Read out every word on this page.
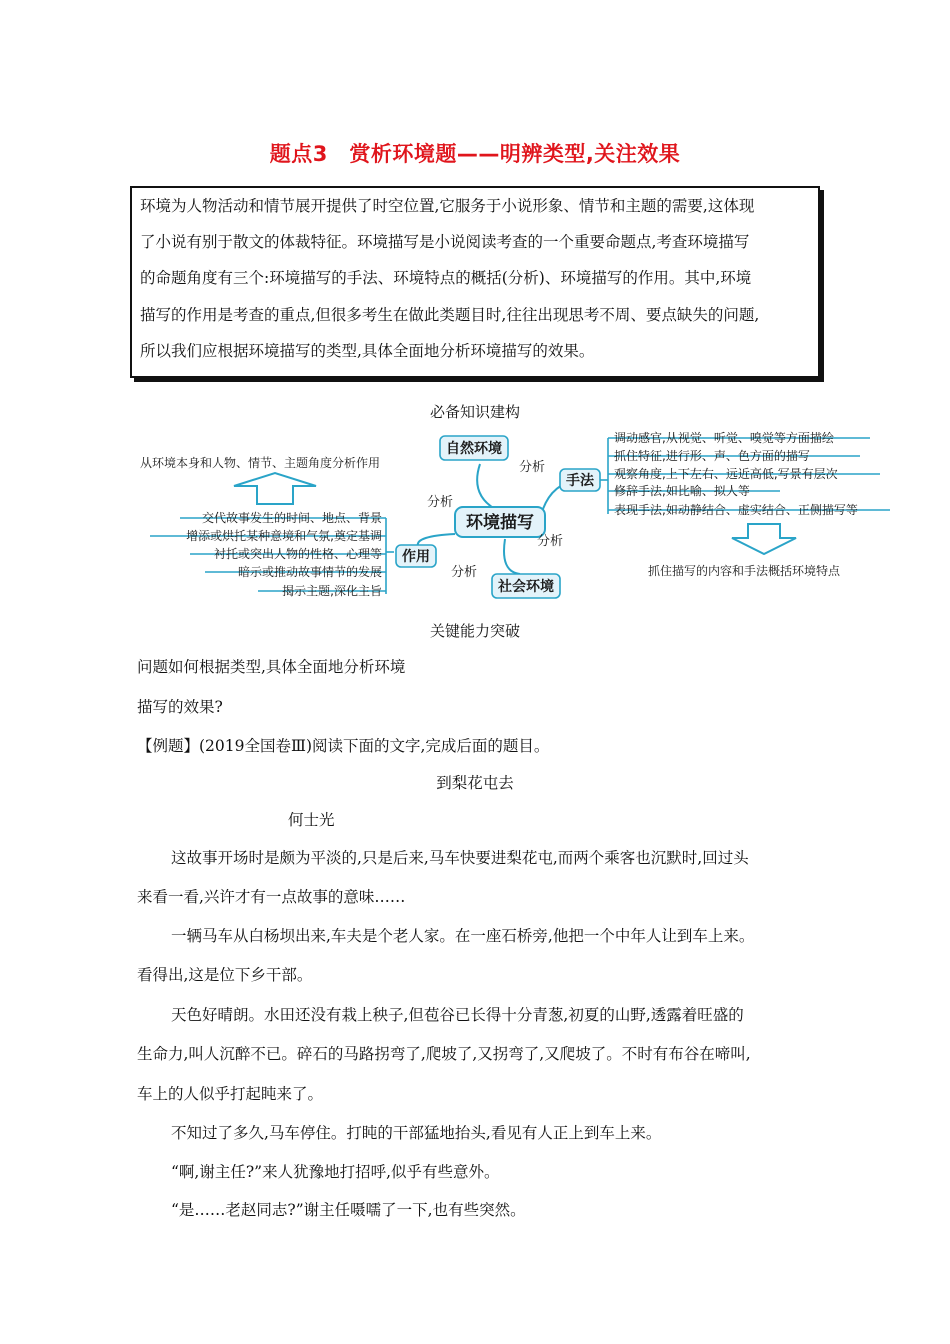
题点3　赏析环境题——明辨类型,关注效果
环境为人物活动和情节展开提供了时空位置,它服务于小说形象、情节和主题的需要,这体现
了小说有别于散文的体裁特征。环境描写是小说阅读考查的一个重要命题点,考查环境描写
的命题角度有三个:环境描写的手法、环境特点的概括(分析)、环境描写的作用。其中,环境
描写的作用是考查的重点,但很多考生在做此类题目时,往往出现思考不周、要点缺失的问题,
所以我们应根据环境描写的类型,具体全面地分析环境描写的效果。
必备知识建构
环境描写
自然环境
手法
作用
社会环境
分析
分析
分析
分析
调动感官,从视觉、听觉、嗅觉等方面描绘
抓住特征,进行形、声、色方面的描写
观察角度,上下左右、远近高低,写景有层次
修辞手法,如比喻、拟人等
表现手法,如动静结合、虚实结合、正侧描写等
交代故事发生的时间、地点、背景
增添或烘托某种意境和气氛,奠定基调
衬托或突出人物的性格、心理等
暗示或推动故事情节的发展
揭示主题,深化主旨
从环境本身和人物、情节、主题角度分析作用
抓住描写的内容和手法概括环境特点
关键能力突破
问题如何根据类型,具体全面地分析环境
描写的效果?
【例题】(2019全国卷Ⅲ)阅读下面的文字,完成后面的题目。
到梨花屯去
何士光
这故事开场时是颇为平淡的,只是后来,马车快要进梨花屯,而两个乘客也沉默时,回过头
来看一看,兴许才有一点故事的意味……
一辆马车从白杨坝出来,车夫是个老人家。在一座石桥旁,他把一个中年人让到车上来。
看得出,这是位下乡干部。
天色好晴朗。水田还没有栽上秧子,但苞谷已长得十分青葱,初夏的山野,透露着旺盛的
生命力,叫人沉醉不已。碎石的马路拐弯了,爬坡了,又拐弯了,又爬坡了。不时有布谷在啼叫,
车上的人似乎打起盹来了。
不知过了多久,马车停住。打盹的干部猛地抬头,看见有人正上到车上来。
“啊,谢主任?”来人犹豫地打招呼,似乎有些意外。
“是……老赵同志?”谢主任嗫嚅了一下,也有些突然。
